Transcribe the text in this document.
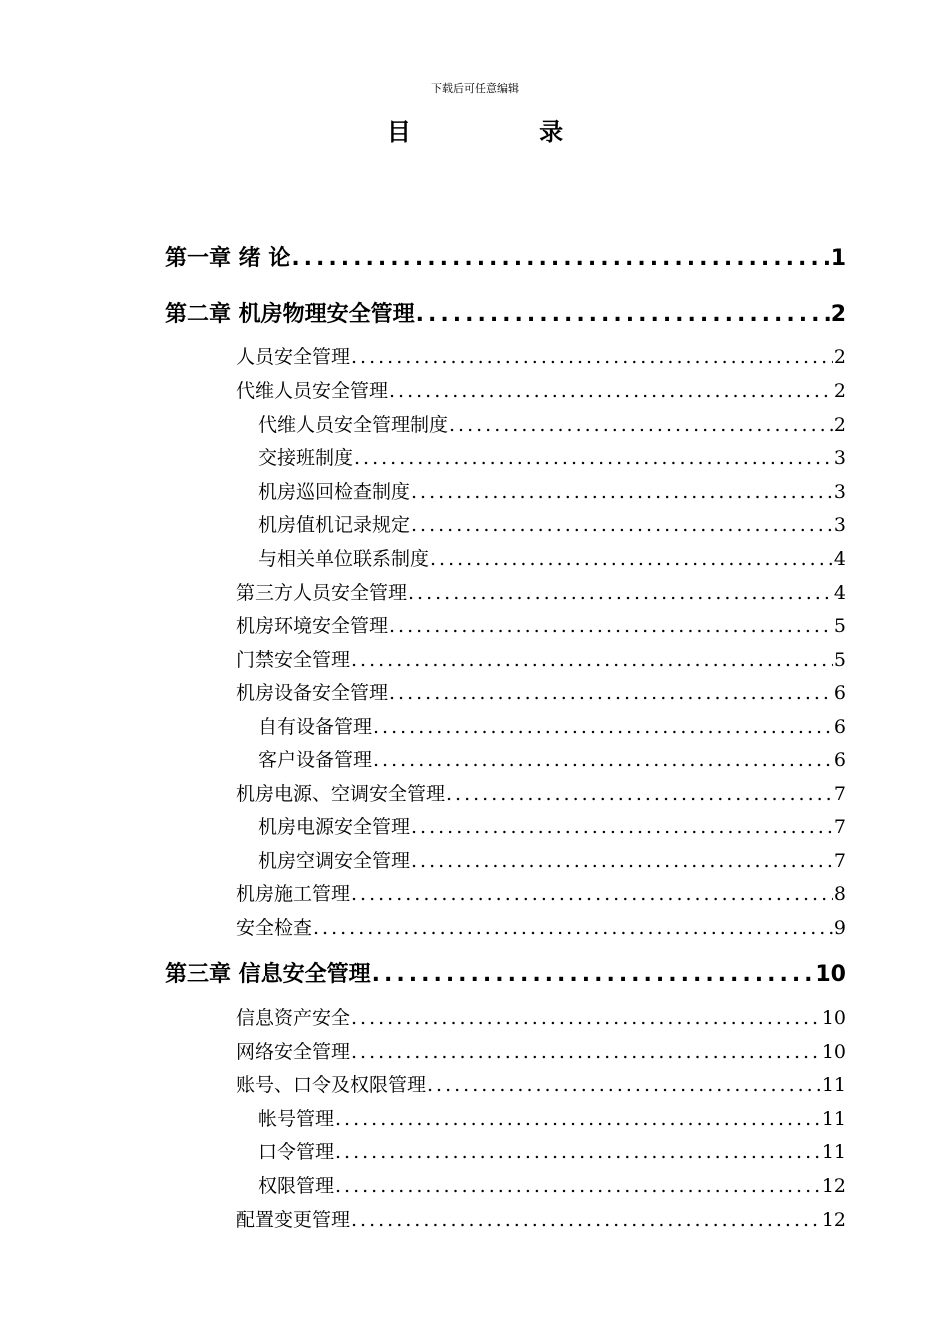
下载后可任意编辑
目 录
第一章 绪 论 .....	1
第二章 机房物理安全管理 .....	2
人员安全管理 .....	2
代维人员安全管理 .....	2
代维人员安全管理制度 .....	2
交接班制度 .....	3
机房巡回检查制度 .....	3
机房值机记录规定 .....	3
与相关单位联系制度 .....	4
第三方人员安全管理 .....	4
机房环境安全管理 .....	5
门禁安全管理 .....	5
机房设备安全管理 .....	6
自有设备管理 .....	6
客户设备管理 .....	6
机房电源、空调安全管理 .....	7
机房电源安全管理 .....	7
机房空调安全管理 .....	7
机房施工管理 .....	8
安全检查 .....	9
第三章 信息安全管理 .....	10
信息资产安全 .....	10
网络安全管理 .....	10
账号、口令及权限管理 .....	11
帐号管理 .....	11
口令管理 .....	11
权限管理 .....	12
配置变更管理 .....	12
